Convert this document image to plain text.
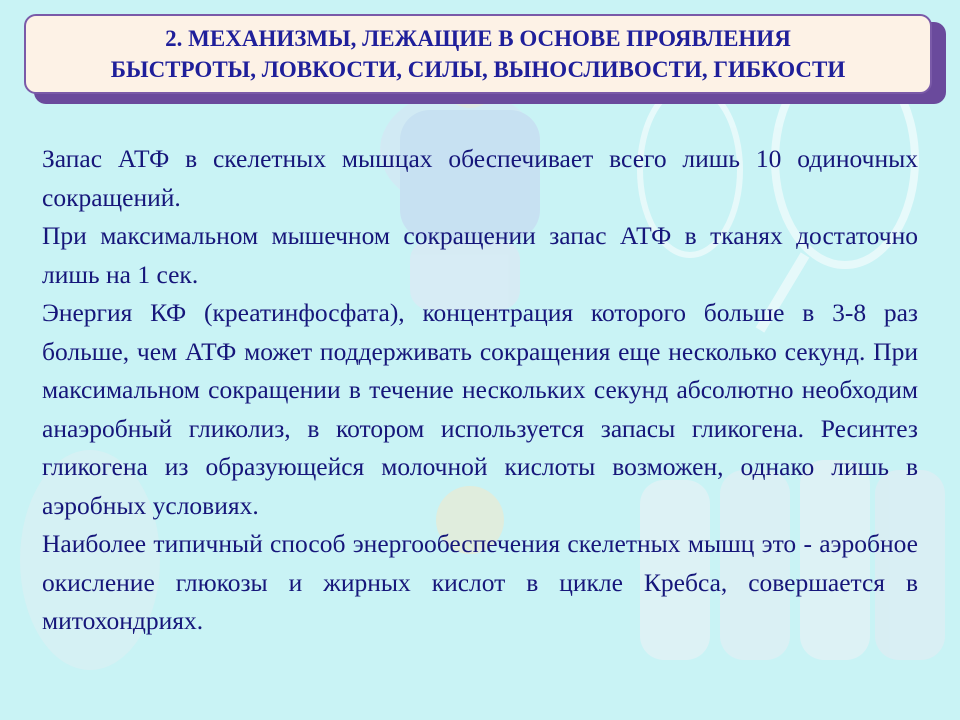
2. МЕХАНИЗМЫ, ЛЕЖАЩИЕ В ОСНОВЕ ПРОЯВЛЕНИЯ
БЫСТРОТЫ, ЛОВКОСТИ, СИЛЫ, ВЫНОСЛИВОСТИ, ГИБКОСТИ

Запас АТФ в скелетных мышцах обеспечивает всего лишь 10 одиночных сокращений.

При максимальном мышечном сокращении запас АТФ в тканях достаточно лишь на 1 сек.

Энергия КФ (креатинфосфата), концентрация которого больше в 3-8 раз больше, чем АТФ может поддерживать сокращения еще несколько секунд. При максимальном сокращении в течение нескольких секунд абсолютно необходим анаэробный гликолиз, в котором используется запасы гликогена. Ресинтез гликогена из образующейся молочной кислоты возможен, однако лишь в аэробных условиях.

Наиболее типичный способ энергообеспечения скелетных мышц это - аэробное окисление глюкозы и жирных кислот в цикле Кребса, совершается в митохондриях.
